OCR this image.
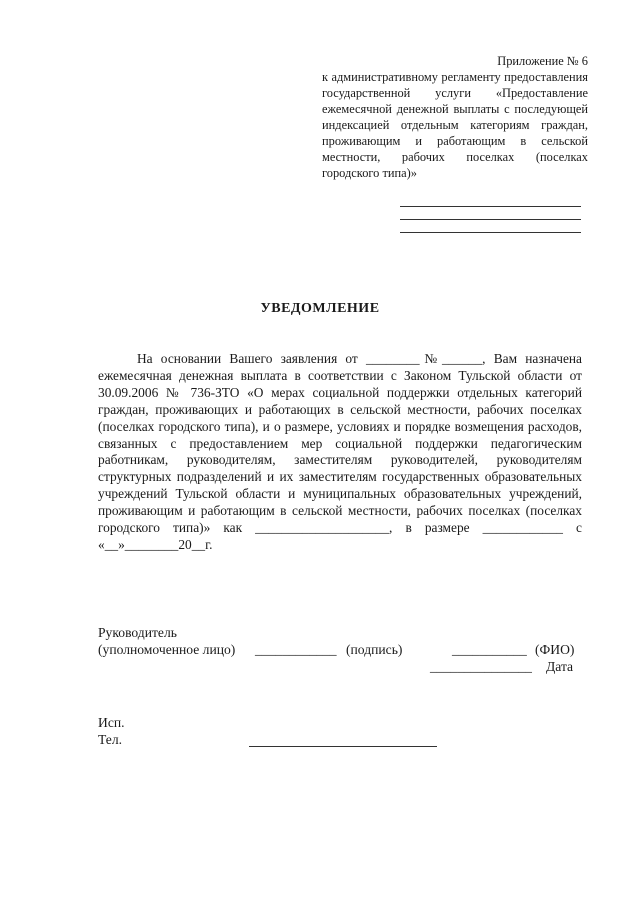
Приложение № 6
к административному регламенту предоставления государственной услуги «Предоставление ежемесячной денежной выплаты с последующей индексацией отдельным категориям граждан, проживающим и работающим в сельской местности, рабочих поселках (поселках городского типа)»
УВЕДОМЛЕНИЕ
На основании Вашего заявления от ________№______, Вам назначена ежемесячная денежная выплата в соответствии с Законом Тульской области от 30.09.2006 № 736-ЗТО «О мерах социальной поддержки отдельных категорий граждан, проживающих и работающих в сельской местности, рабочих поселках (поселках городского типа), и о размере, условиях и порядке возмещения расходов, связанных с предоставлением мер социальной поддержки педагогическим работникам, руководителям, заместителям руководителей, руководителям структурных подразделений и их заместителям государственных образовательных учреждений Тульской области и муниципальных образовательных учреждений, проживающим и работающим в сельской местности, рабочих поселках (поселках городского типа)» как ____________________, в размере ____________ с «__»________20__г.
Руководитель
(уполномоченное лицо) ____________ (подпись)	___________ (ФИО)
_______________ Дата
Исп.
Тел.
